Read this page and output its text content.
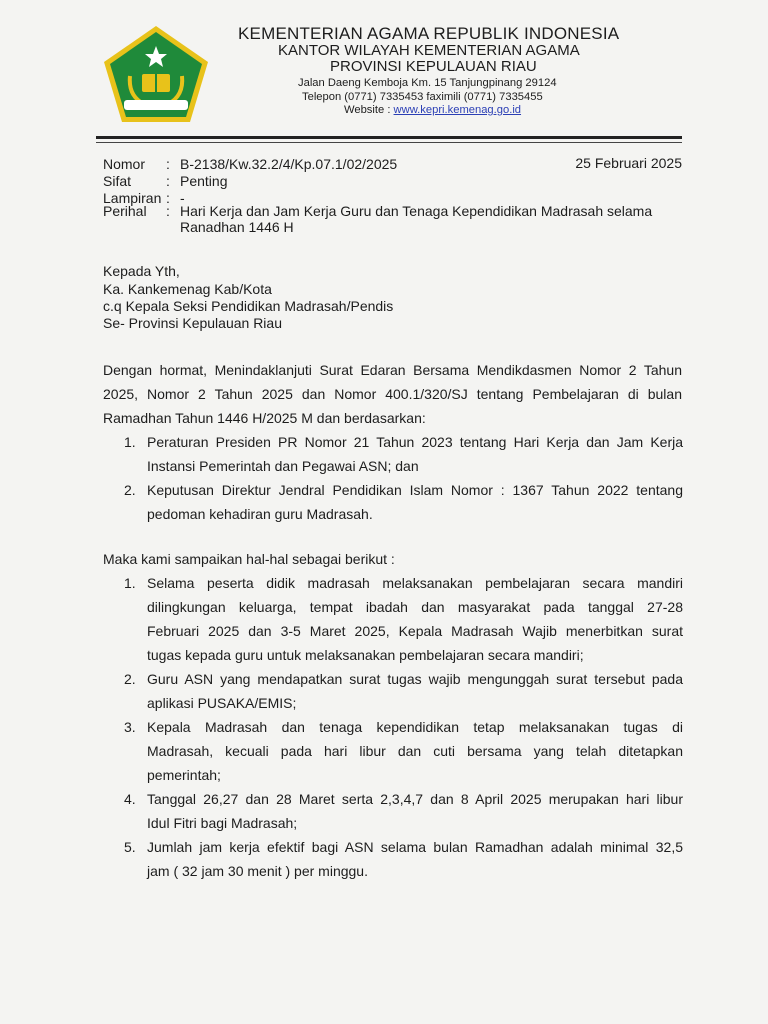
KEMENTERIAN AGAMA REPUBLIK INDONESIA
KANTOR WILAYAH KEMENTERIAN AGAMA
PROVINSI KEPULAUAN RIAU
Jalan Daeng Kemboja Km. 15 Tanjungpinang 29124
Telepon (0771) 7335453 faximili (0771) 7335455
Website : www.kepri.kemenag.go.id
Nomor : B-2138/Kw.32.2/4/Kp.07.1/02/2025	25 Februari 2025
Sifat : Penting
Lampiran : -
Perihal : Hari Kerja dan Jam Kerja Guru dan Tenaga Kependidikan Madrasah selama
Ranadhan 1446 H
Kepada Yth,
Ka. Kankemenag Kab/Kota
c.q Kepala Seksi Pendidikan Madrasah/Pendis
Se- Provinsi Kepulauan Riau
Dengan hormat, Menindaklanjuti Surat Edaran Bersama Mendikdasmen Nomor 2 Tahun
2025, Nomor 2 Tahun 2025 dan Nomor 400.1/320/SJ tentang Pembelajaran di bulan
Ramadhan Tahun 1446 H/2025 M dan berdasarkan:
1. Peraturan Presiden PR Nomor 21 Tahun 2023 tentang Hari Kerja dan Jam Kerja
Instansi Pemerintah dan Pegawai ASN; dan
2. Keputusan Direktur Jendral Pendidikan Islam Nomor : 1367 Tahun 2022 tentang
pedoman kehadiran guru Madrasah.
Maka kami sampaikan hal-hal sebagai berikut :
1. Selama peserta didik madrasah melaksanakan pembelajaran secara mandiri
dilingkungan keluarga, tempat ibadah dan masyarakat pada tanggal 27-28
Februari 2025 dan 3-5 Maret 2025, Kepala Madrasah Wajib menerbitkan surat
tugas kepada guru untuk melaksanakan pembelajaran secara mandiri;
2. Guru ASN yang mendapatkan surat tugas wajib mengunggah surat tersebut pada
aplikasi PUSAKA/EMIS;
3. Kepala Madrasah dan tenaga kependidikan tetap melaksanakan tugas di
Madrasah, kecuali pada hari libur dan cuti bersama yang telah ditetapkan
pemerintah;
4. Tanggal 26,27 dan 28 Maret serta 2,3,4,7 dan 8 April 2025 merupakan hari libur
Idul Fitri bagi Madrasah;
5. Jumlah jam kerja efektif bagi ASN selama bulan Ramadhan adalah minimal 32,5
jam ( 32 jam 30 menit ) per minggu.
